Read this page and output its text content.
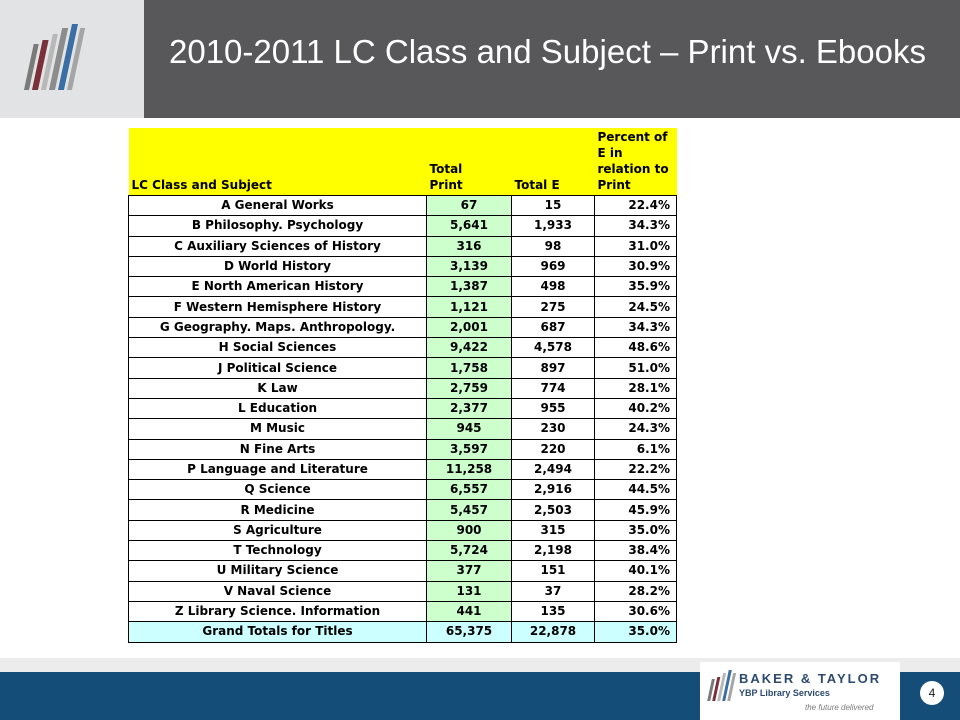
2010-2011 LC Class and Subject – Print vs. Ebooks
LC Class and Subject	Total Print	Total E	Percent of E in relation to Print
A General Works	67	15	22.4%
B Philosophy. Psychology	5,641	1,933	34.3%
C Auxiliary Sciences of History	316	98	31.0%
D World History	3,139	969	30.9%
E North American History	1,387	498	35.9%
F Western Hemisphere History	1,121	275	24.5%
G Geography. Maps. Anthropology.	2,001	687	34.3%
H Social Sciences	9,422	4,578	48.6%
J Political Science	1,758	897	51.0%
K Law	2,759	774	28.1%
L Education	2,377	955	40.2%
M Music	945	230	24.3%
N Fine Arts	3,597	220	6.1%
P Language and Literature	11,258	2,494	22.2%
Q Science	6,557	2,916	44.5%
R Medicine	5,457	2,503	45.9%
S Agriculture	900	315	35.0%
T Technology	5,724	2,198	38.4%
U Military Science	377	151	40.1%
V Naval Science	131	37	28.2%
Z Library Science. Information	441	135	30.6%
Grand Totals for Titles	65,375	22,878	35.0%
BAKER & TAYLOR
YBP Library Services
the future delivered
4
